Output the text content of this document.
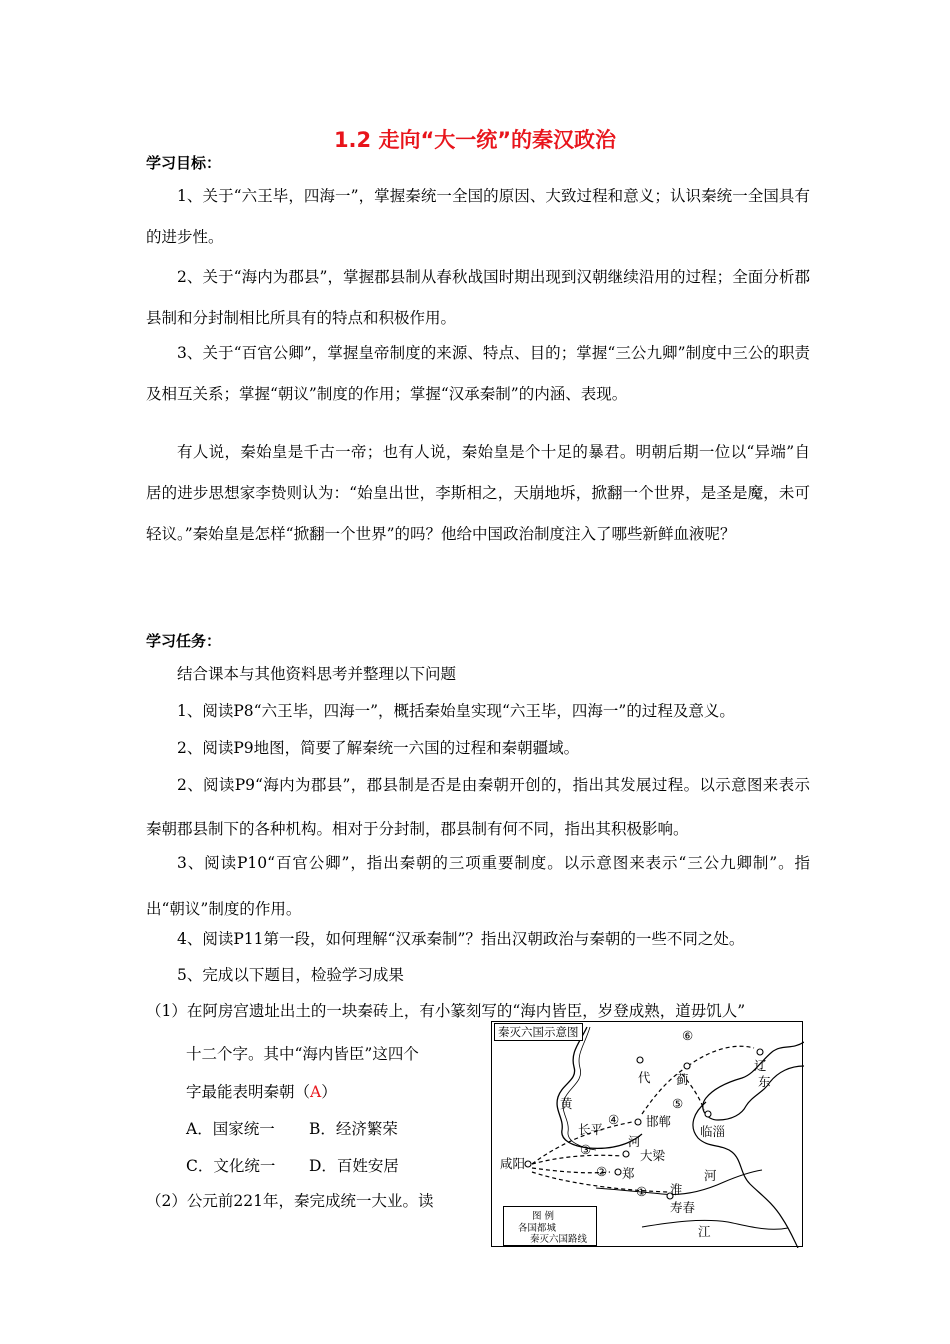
1.2 走向“大一统”的秦汉政治
学习目标：
1、关于“六王毕，四海一”，掌握秦统一全国的原因、大致过程和意义；认识秦统一全国具有的进步性。
2、关于“海内为郡县”，掌握郡县制从春秋战国时期出现到汉朝继续沿用的过程；全面分析郡县制和分封制相比所具有的特点和积极作用。
3、关于“百官公卿”，掌握皇帝制度的来源、特点、目的；掌握“三公九卿”制度中三公的职责及相互关系；掌握“朝议”制度的作用；掌握“汉承秦制”的内涵、表现。
有人说，秦始皇是千古一帝；也有人说，秦始皇是个十足的暴君。明朝后期一位以“异端”自居的进步思想家李贽则认为：“始皇出世，李斯相之，天崩地坼，掀翻一个世界，是圣是魔，未可轻议。”秦始皇是怎样“掀翻一个世界”的吗？他给中国政治制度注入了哪些新鲜血液呢？
学习任务：
结合课本与其他资料思考并整理以下问题
1、阅读P8“六王毕，四海一”，概括秦始皇实现“六王毕，四海一”的过程及意义。
2、阅读P9地图，简要了解秦统一六国的过程和秦朝疆域。
2、阅读P9“海内为郡县”，郡县制是否是由秦朝开创的，指出其发展过程。以示意图来表示秦朝郡县制下的各种机构。相对于分封制，郡县制有何不同，指出其积极影响。
3、阅读P10“百官公卿”，指出秦朝的三项重要制度。以示意图来表示“三公九卿制”。指出“朝议”制度的作用。
4、阅读P11第一段，如何理解“汉承秦制”？指出汉朝政治与秦朝的一些不同之处。
5、完成以下题目，检验学习成果
（1）在阿房宫遗址出土的一块秦砖上，有小篆刻写的“海内皆臣，岁登成熟，道毋饥人”
十二个字。其中“海内皆臣”这四个
字最能表明秦朝（A）
A．国家统一 B．经济繁荣
C．文化统一 D．百姓安居
（2）公元前221年，秦完成统一大业。读
秦灭六国示意图
辽
东
蓟
代
黄
长平
邯郸
河
临淄
咸阳
大梁
郑
淮
河
寿春
江
①
②
③
④
⑤
⑥
图 例
各国都城
秦灭六国路线
